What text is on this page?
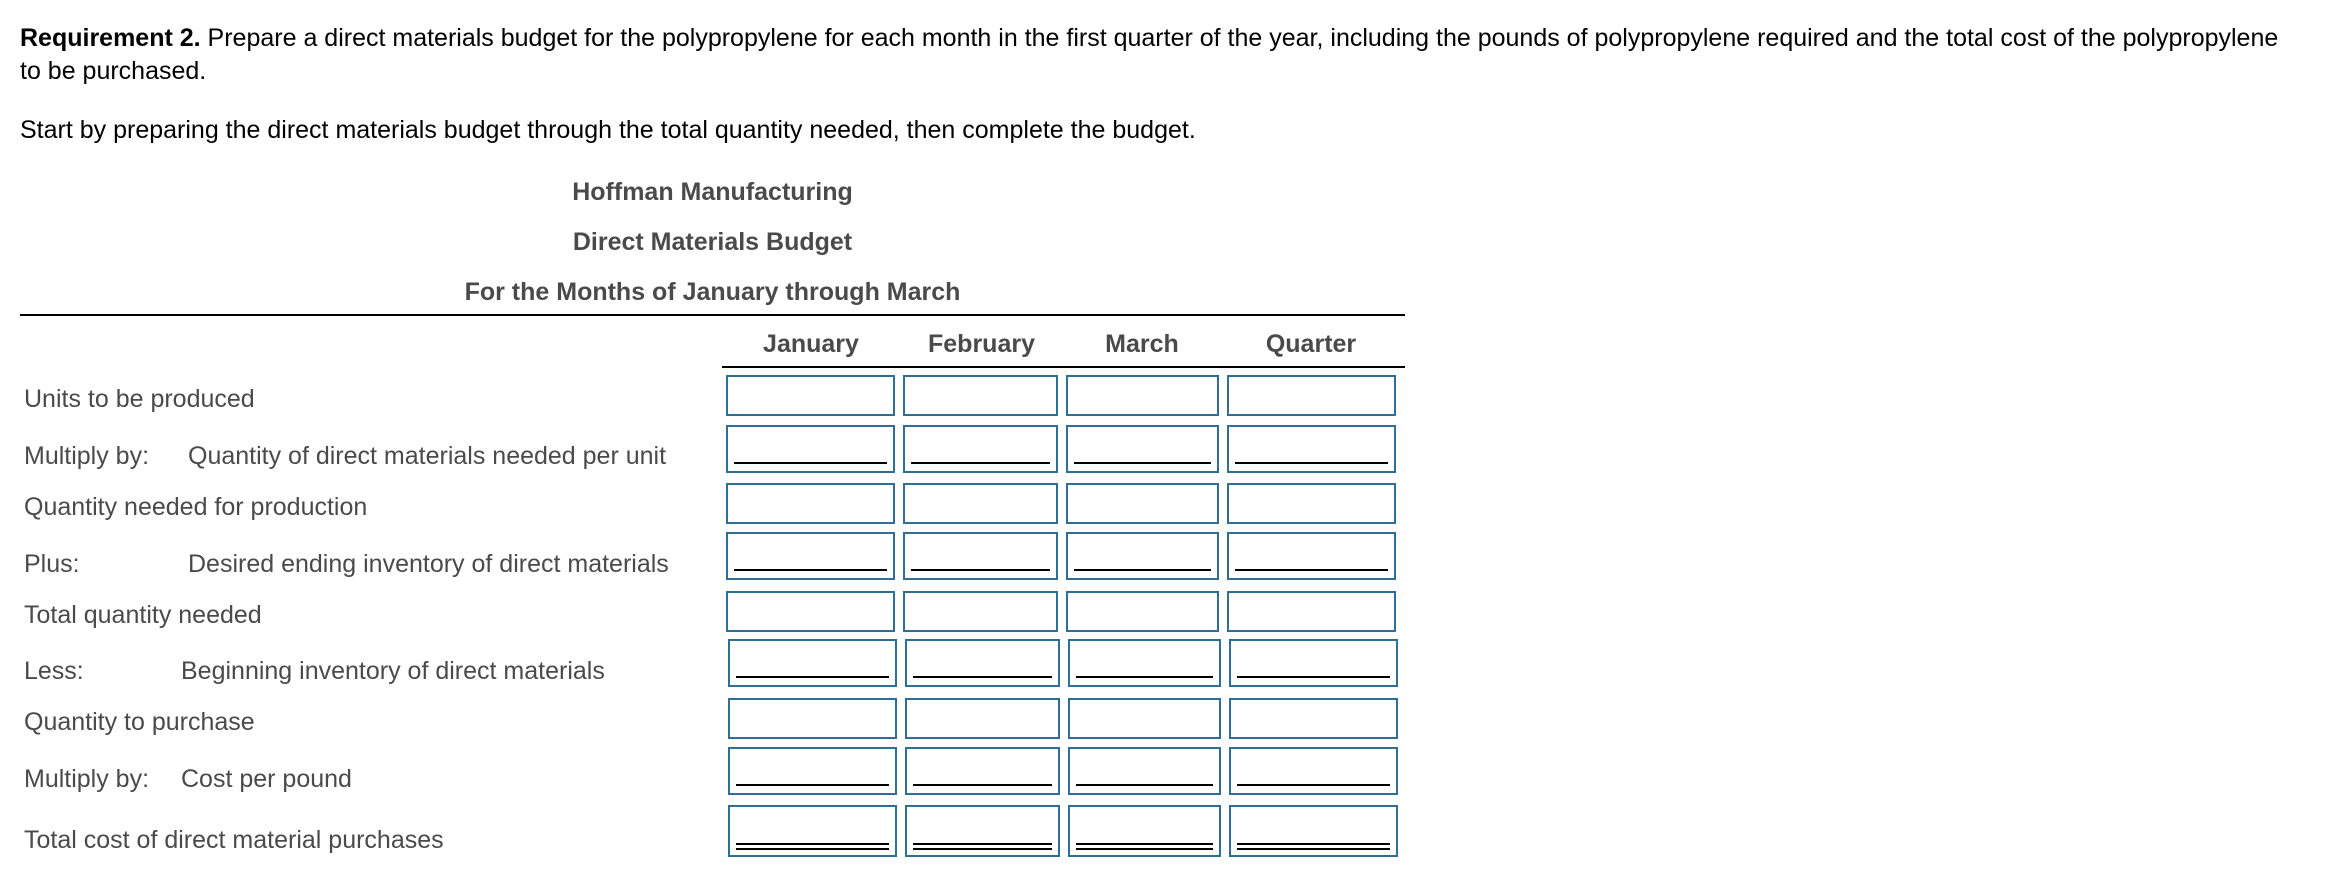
Requirement 2. Prepare a direct materials budget for the polypropylene for each month in the first quarter of the year, including the pounds of polypropylene required and the total cost of the polypropylene to be purchased.
Start by preparing the direct materials budget through the total quantity needed, then complete the budget.
Hoffman Manufacturing
Direct Materials Budget
For the Months of January through March
January	February	March	Quarter
Units to be produced
Multiply by: Quantity of direct materials needed per unit
Quantity needed for production
Plus:	Desired ending inventory of direct materials
Total quantity needed
Less:	Beginning inventory of direct materials
Quantity to purchase
Multiply by: Cost per pound
Total cost of direct material purchases
